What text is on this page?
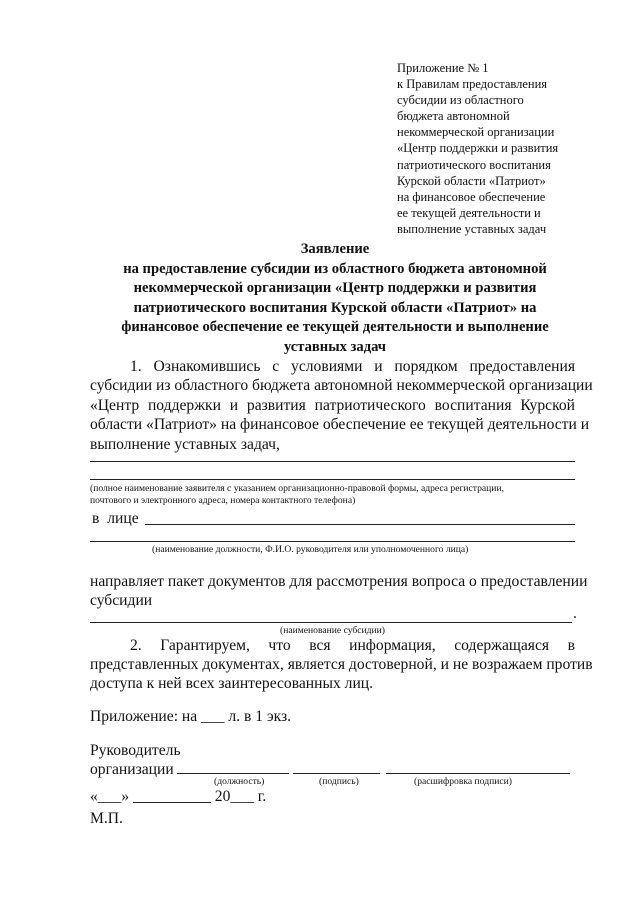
Приложение № 1
к Правилам предоставления
субсидии из областного
бюджета автономной
некоммерческой организации
«Центр поддержки и развития
патриотического воспитания
Курской области «Патриот»
на финансовое обеспечение
ее текущей деятельности и
выполнение уставных задач
Заявление
на предоставление субсидии из областного бюджета автономной
некоммерческой организации «Центр поддержки и развития
патриотического воспитания Курской области «Патриот» на
финансовое обеспечение ее текущей деятельности и выполнение
уставных задач
1. Ознакомившись с условиями и порядком предоставления
субсидии из областного бюджета автономной некоммерческой организации
«Центр поддержки и развития патриотического воспитания Курской
области «Патриот» на финансовое обеспечение ее текущей деятельности и
выполнение уставных задач,
(полное наименование заявителя с указанием организационно-правовой формы, адреса регистрации,
почтового и электронного адреса, номера контактного телефона)
в лице
(наименование должности, Ф.И.О. руководителя или уполномоченного лица)
направляет пакет документов для рассмотрения вопроса о предоставлении
субсидии
.
(наименование субсидии)
2. Гарантируем, что вся информация, содержащаяся в
представленных документах, является достоверной, и не возражаем против
доступа к ней всех заинтересованных лиц.
Приложение: на ___ л. в 1 экз.
Руководитель
организации
(должность)	(подпись)	(расшифровка подписи)
«___»	20___ г.
М.П.
